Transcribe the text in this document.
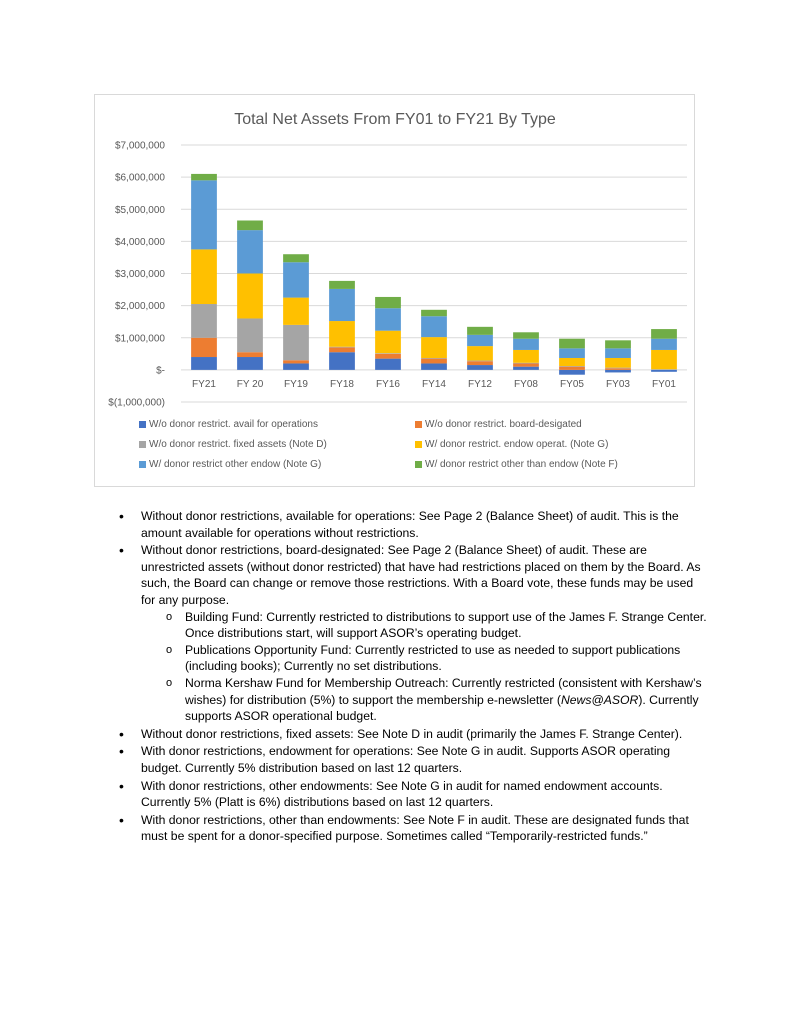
Total Net Assets From FY01 to FY21 By Type
$7,000,000
$6,000,000
$5,000,000
$4,000,000
$3,000,000
$2,000,000
$1,000,000
$-
$(1,000,000)
FY21 FY 20 FY19 FY18 FY16 FY14 FY12 FY08 FY05 FY03 FY01
W/o donor restrict. avail for operations	W/o donor restrict. board-desigated
W/o donor restrict. fixed assets (Note D)	W/ donor restrict. endow operat. (Note G)
W/ donor restrict other endow (Note G)	W/ donor restrict other than endow (Note F)
• Without donor restrictions, available for operations: See Page 2 (Balance Sheet) of audit. This is the amount available for operations without restrictions.
• Without donor restrictions, board-designated: See Page 2 (Balance Sheet) of audit. These are unrestricted assets (without donor restricted) that have had restrictions placed on them by the Board. As such, the Board can change or remove those restrictions. With a Board vote, these funds may be used for any purpose.
o Building Fund: Currently restricted to distributions to support use of the James F. Strange Center. Once distributions start, will support ASOR’s operating budget.
o Publications Opportunity Fund: Currently restricted to use as needed to support publications (including books); Currently no set distributions.
o Norma Kershaw Fund for Membership Outreach: Currently restricted (consistent with Kershaw’s wishes) for distribution (5%) to support the membership e-newsletter (News@ASOR). Currently supports ASOR operational budget.
• Without donor restrictions, fixed assets: See Note D in audit (primarily the James F. Strange Center).
• With donor restrictions, endowment for operations: See Note G in audit. Supports ASOR operating budget. Currently 5% distribution based on last 12 quarters.
• With donor restrictions, other endowments: See Note G in audit for named endowment accounts. Currently 5% (Platt is 6%) distributions based on last 12 quarters.
• With donor restrictions, other than endowments: See Note F in audit. These are designated funds that must be spent for a donor-specified purpose. Sometimes called “Temporarily-restricted funds.”
